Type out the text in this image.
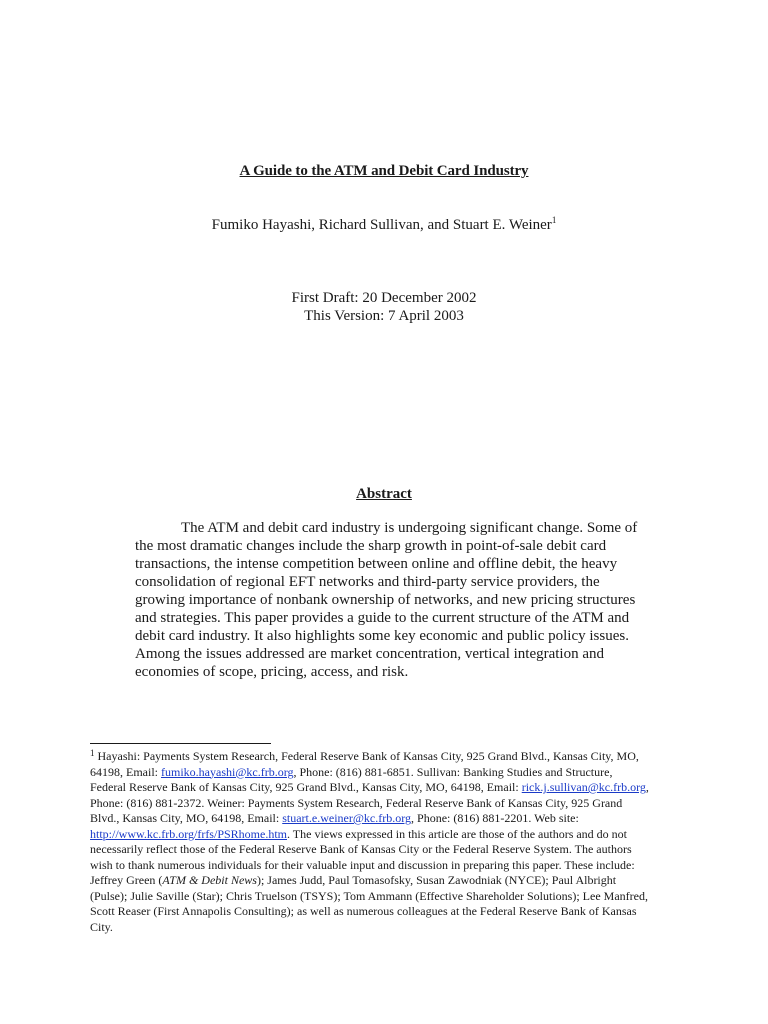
A Guide to the ATM and Debit Card Industry
Fumiko Hayashi, Richard Sullivan, and Stuart E. Weiner$^1$
First Draft: 20 December 2002
This Version: 7 April 2003
Abstract
The ATM and debit card industry is undergoing significant change. Some of
the most dramatic changes include the sharp growth in point-of-sale debit card
transactions, the intense competition between online and offline debit, the heavy
consolidation of regional EFT networks and third-party service providers, the
growing importance of nonbank ownership of networks, and new pricing structures
and strategies. This paper provides a guide to the current structure of the ATM and
debit card industry. It also highlights some key economic and public policy issues.
Among the issues addressed are market concentration, vertical integration and
economies of scope, pricing, access, and risk.
$^1$ Hayashi: Payments System Research, Federal Reserve Bank of Kansas City, 925 Grand Blvd., Kansas City, MO,
64198, Email: fumiko.hayashi@kc.frb.org, Phone: (816) 881-6851. Sullivan: Banking Studies and Structure,
Federal Reserve Bank of Kansas City, 925 Grand Blvd., Kansas City, MO, 64198, Email: rick.j.sullivan@kc.frb.org,
Phone: (816) 881-2372. Weiner: Payments System Research, Federal Reserve Bank of Kansas City, 925 Grand
Blvd., Kansas City, MO, 64198, Email: stuart.e.weiner@kc.frb.org, Phone: (816) 881-2201. Web site:
http://www.kc.frb.org/frfs/PSRhome.htm. The views expressed in this article are those of the authors and do not
necessarily reflect those of the Federal Reserve Bank of Kansas City or the Federal Reserve System. The authors
wish to thank numerous individuals for their valuable input and discussion in preparing this paper. These include:
Jeffrey Green (ATM & Debit News); James Judd, Paul Tomasofsky, Susan Zawodniak (NYCE); Paul Albright
(Pulse); Julie Saville (Star); Chris Truelson (TSYS); Tom Ammann (Effective Shareholder Solutions); Lee Manfred,
Scott Reaser (First Annapolis Consulting); as well as numerous colleagues at the Federal Reserve Bank of Kansas
City.
